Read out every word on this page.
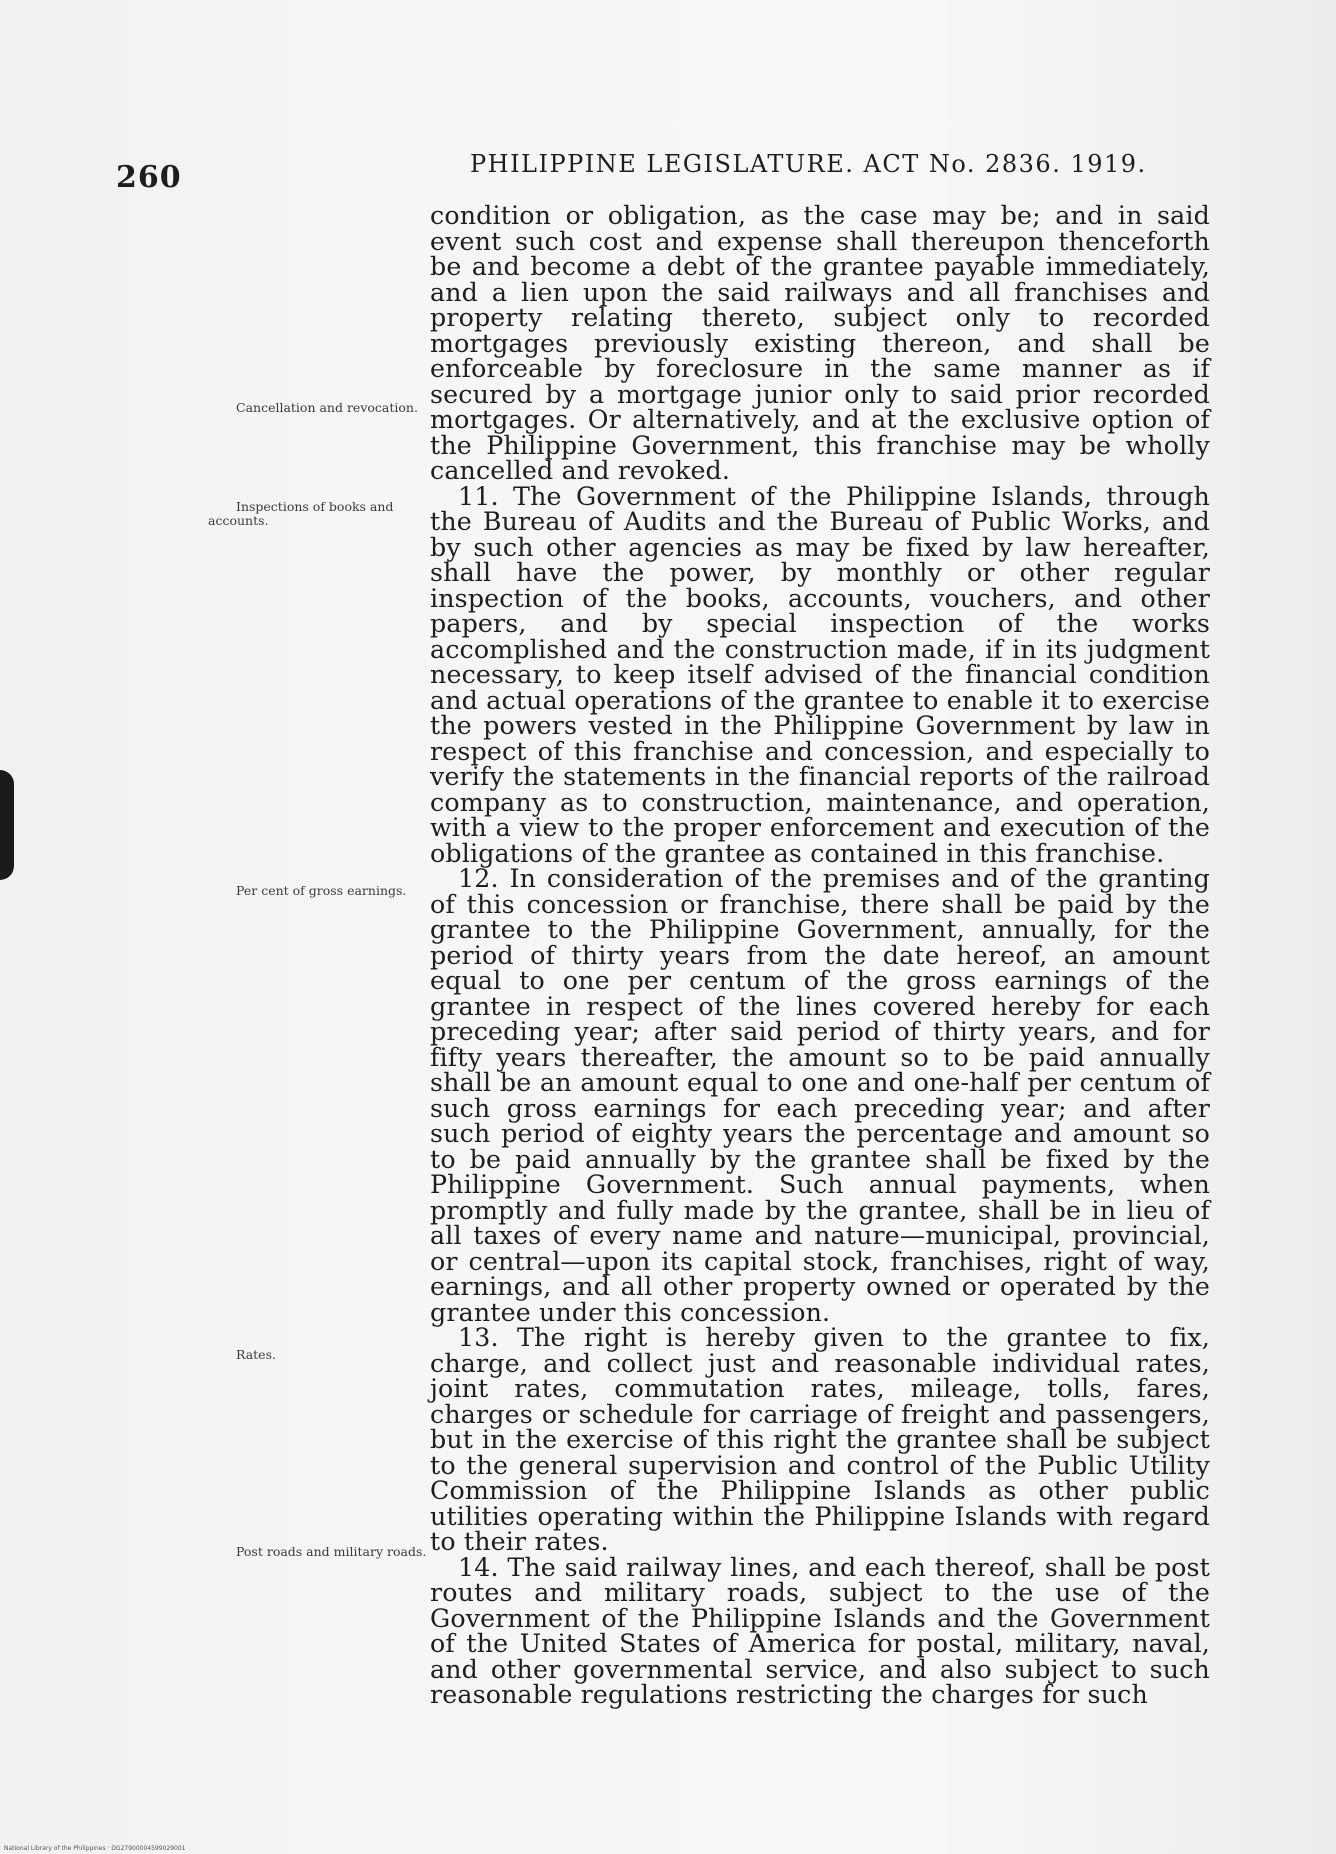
260	PHILIPPINE LEGISLATURE. ACT No. 2836. 1919.
Cancellation and revocation.
Inspections of books and accounts.
Per cent of gross earnings.
Rates.
Post roads and military roads.

condition or obligation, as the case may be; and in said event such cost and expense shall thereupon thenceforth be and become a debt of the grantee payable immediately, and a lien upon the said railways and all franchises and property relating thereto, subject only to recorded mortgages previously existing thereon, and shall be enforceable by foreclosure in the same manner as if secured by a mortgage junior only to said prior recorded mortgages. Or alternatively, and at the exclusive option of the Philippine Government, this franchise may be wholly cancelled and revoked.

11. The Government of the Philippine Islands, through the Bureau of Audits and the Bureau of Public Works, and by such other agencies as may be fixed by law hereafter, shall have the power, by monthly or other regular inspection of the books, accounts, vouchers, and other papers, and by special inspection of the works accomplished and the construction made, if in its judgment necessary, to keep itself advised of the financial condition and actual operations of the grantee to enable it to exercise the powers vested in the Philippine Government by law in respect of this franchise and concession, and especially to verify the statements in the financial reports of the railroad company as to construction, maintenance, and operation, with a view to the proper enforcement and execution of the obligations of the grantee as contained in this franchise.

12. In consideration of the premises and of the granting of this concession or franchise, there shall be paid by the grantee to the Philippine Government, annually, for the period of thirty years from the date hereof, an amount equal to one per centum of the gross earnings of the grantee in respect of the lines covered hereby for each preceding year; after said period of thirty years, and for fifty years thereafter, the amount so to be paid annually shall be an amount equal to one and one-half per centum of such gross earnings for each preceding year; and after such period of eighty years the percentage and amount so to be paid annually by the grantee shall be fixed by the Philippine Government. Such annual payments, when promptly and fully made by the grantee, shall be in lieu of all taxes of every name and nature—municipal, provincial, or central—upon its capital stock, franchises, right of way, earnings, and all other property owned or operated by the grantee under this concession.

13. The right is hereby given to the grantee to fix, charge, and collect just and reasonable individual rates, joint rates, commutation rates, mileage, tolls, fares, charges or schedule for carriage of freight and passengers, but in the exercise of this right the grantee shall be subject to the general supervision and control of the Public Utility Commission of the Philippine Islands as other public utilities operating within the Philippine Islands with regard to their rates.

14. The said railway lines, and each thereof, shall be post routes and military roads, subject to the use of the Government of the Philippine Islands and the Government of the United States of America for postal, military, naval, and other governmental service, and also subject to such reasonable regulations restricting the charges for such

National Library of the Philippines · DG27900004599029001
